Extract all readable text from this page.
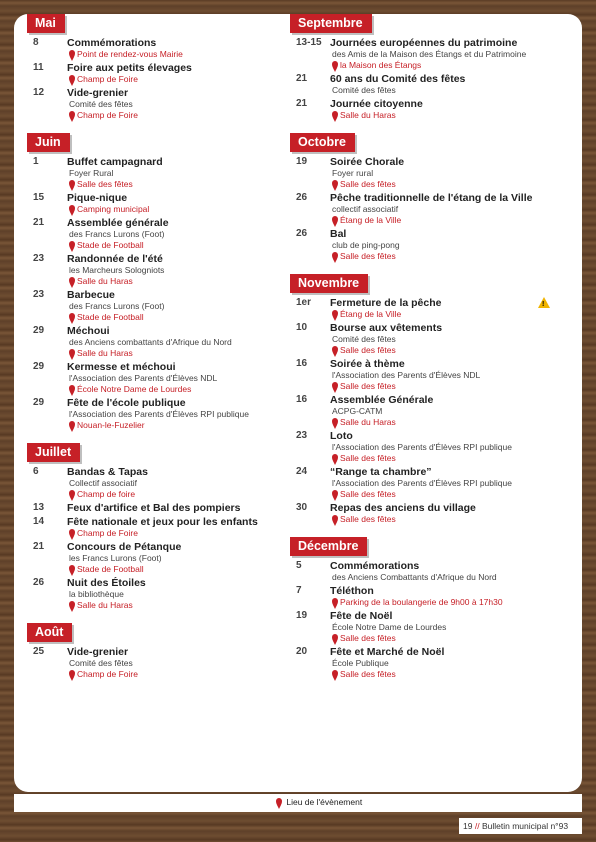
Mai
8	Commémorations
Point de rendez-vous Mairie
11 Foire aux petits élevages
Champ de Foire
12 Vide-grenier
Comité des fêtes
Champ de Foire
Juin
1	Buffet campagnard
Foyer Rural
Salle des fêtes
15 Pique-nique
Camping municipal
21 Assemblée générale
des Francs Lurons (Foot)
Stade de Football
23 Randonnée de l'été
les Marcheurs Sologniots
Salle du Haras
23 Barbecue
des Francs Lurons (Foot)
Stade de Football
29 Méchoui
des Anciens combattants d'Afrique du Nord
Salle du Haras
29 Kermesse et méchoui
l'Association des Parents d'Élèves NDL
École Notre Dame de Lourdes
29 Fête de l'école publique
l'Association des Parents d'Élèves RPI publique
Nouan-le-Fuzelier
Juillet
6	Bandas & Tapas
Collectif associatif
Champ de foire
13 Feux d'artifice et Bal des pompiers
14 Fête nationale et jeux pour les enfants
Champ de Foire
21 Concours de Pétanque
les Francs Lurons (Foot)
Stade de Football
26 Nuit des Étoiles
la bibliothèque
Salle du Haras
Août
25 Vide-grenier
Comité des fêtes
Champ de Foire
Septembre
13-15 Journées européennes du patrimoine
des Amis de la Maison des Étangs et du Patrimoine
la Maison des Étangs
21 60 ans du Comité des fêtes
Comité des fêtes
21 Journée citoyenne
Salle du Haras
Octobre
19 Soirée Chorale
Foyer rural
Salle des fêtes
26 Pêche traditionnelle de l'étang de la Ville
collectif associatif
Étang de la Ville
26 Bal
club de ping-pong
Salle des fêtes
Novembre
1er Fermeture de la pêche
Étang de la Ville
!
10 Bourse aux vêtements
Comité des fêtes
Salle des fêtes
16 Soirée à thème
l'Association des Parents d'Élèves NDL
Salle des fêtes
16 Assemblée Générale
ACPG-CATM
Salle du Haras
23 Loto
l'Association des Parents d'Élèves RPI publique
Salle des fêtes
24 “Range ta chambre”
l'Association des Parents d'Élèves RPI publique
Salle des fêtes
30 Repas des anciens du village
Salle des fêtes
Décembre
5	Commémorations
des Anciens Combattants d'Afrique du Nord
7	Téléthon
Parking de la boulangerie de 9h00 à 17h30
19 Fête de Noël
École Notre Dame de Lourdes
Salle des fêtes
20 Fête et Marché de Noël
École Publique
Salle des fêtes
Lieu de l'évènement
19 // Bulletin municipal n°93
